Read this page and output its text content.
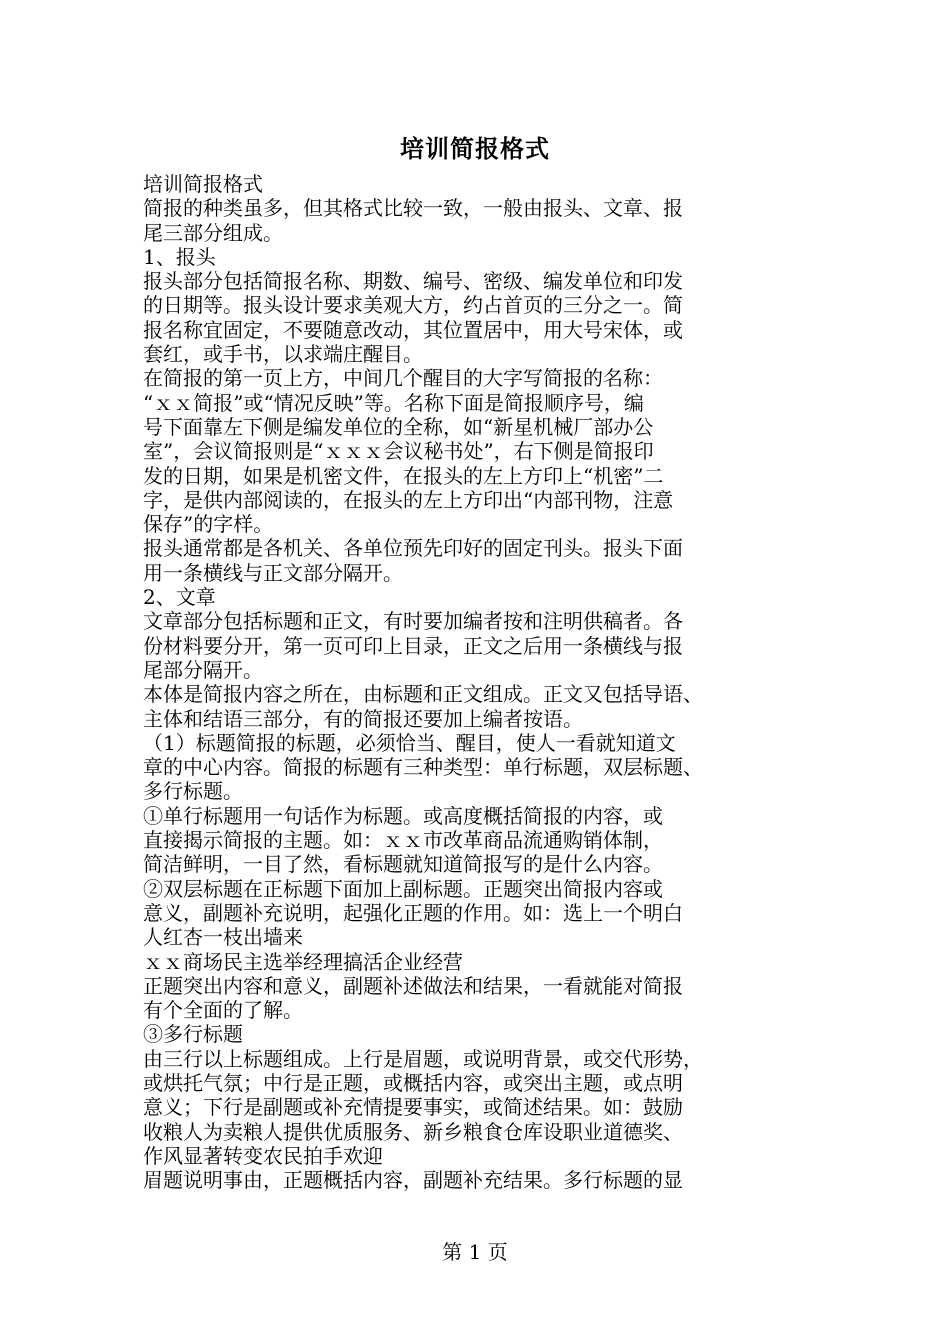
培训简报格式
培训简报格式
简报的种类虽多，但其格式比较一致，一般由报头、文章、报
尾三部分组成。
1、报头
报头部分包括简报名称、期数、编号、密级、编发单位和印发
的日期等。报头设计要求美观大方，约占首页的三分之一。简
报名称宜固定，不要随意改动，其位置居中，用大号宋体，或
套红，或手书，以求端庄醒目。
在简报的第一页上方，中间几个醒目的大字写简报的名称：
“ｘｘ简报”或“情况反映”等。名称下面是简报顺序号，编
号下面靠左下侧是编发单位的全称，如“新星机械厂部办公
室”，会议简报则是“ｘｘｘ会议秘书处”，右下侧是简报印
发的日期，如果是机密文件，在报头的左上方印上“机密”二
字，是供内部阅读的，在报头的左上方印出“内部刊物，注意
保存”的字样。
报头通常都是各机关、各单位预先印好的固定刊头。报头下面
用一条横线与正文部分隔开。
2、文章
文章部分包括标题和正文，有时要加编者按和注明供稿者。各
份材料要分开，第一页可印上目录，正文之后用一条横线与报
尾部分隔开。
本体是简报内容之所在，由标题和正文组成。正文又包括导语、
主体和结语三部分，有的简报还要加上编者按语。
（1）标题简报的标题，必须恰当、醒目，使人一看就知道文
章的中心内容。简报的标题有三种类型：单行标题，双层标题、
多行标题。
①单行标题用一句话作为标题。或高度概括简报的内容，或
直接揭示简报的主题。如：ｘｘ市改革商品流通购销体制，
简洁鲜明，一目了然，看标题就知道简报写的是什么内容。
②双层标题在正标题下面加上副标题。正题突出简报内容或
意义，副题补充说明，起强化正题的作用。如：选上一个明白
人红杏一枝出墙来
ｘｘ商场民主选举经理搞活企业经营
正题突出内容和意义，副题补述做法和结果，一看就能对简报
有个全面的了解。
③多行标题
由三行以上标题组成。上行是眉题，或说明背景，或交代形势，
或烘托气氛；中行是正题，或概括内容，或突出主题，或点明
意义；下行是副题或补充情提要事实，或简述结果。如：鼓励
收粮人为卖粮人提供优质服务、新乡粮食仓库设职业道德奖、
作风显著转变农民拍手欢迎
眉题说明事由，正题概括内容，副题补充结果。多行标题的显
第 1 页
